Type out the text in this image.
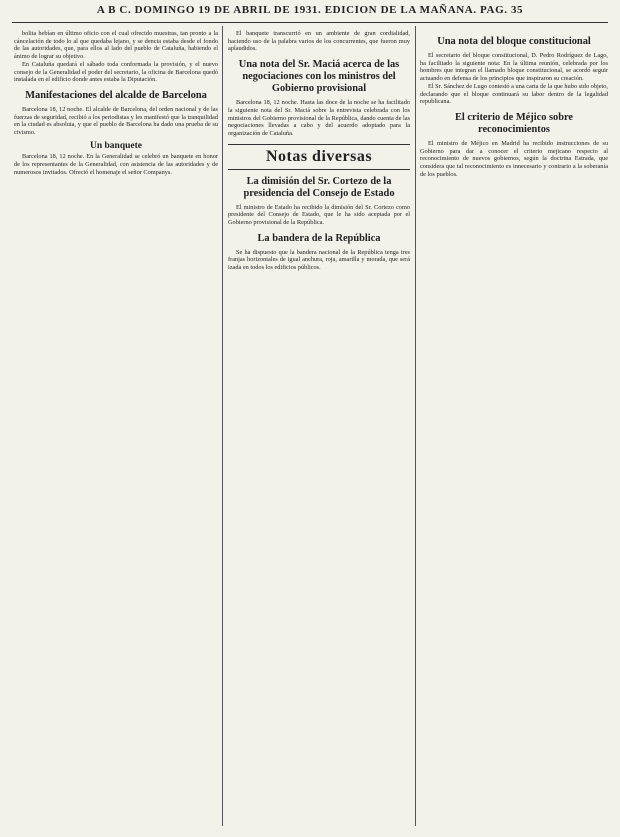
A B C. DOMINGO 19 DE ABRIL DE 1931. EDICION DE LA MAÑANA. PAG. 35

bolita hebían en último oficio con el cual ofrecido muestras, tan pronto a la cáncelación de todo lo al que quedaba lejano, y se dencia estaba desde el fondo de las autoridades, que, para ellos al lado del pueblo de Cataluña, habiendo el ánimo de lograr su objetivo.

En Cataluña quedará el sábado toda conformada la provisión, y el nuevo consejo de la Generalidad el poder del secretario, la oficina de Barcelona quedó instalada en el edificio donde antes estaba la Diputación.

Manifestaciones del alcalde de Barcelona

Barcelona 18, 12 noche. El alcalde de Barcelona, del orden nacional y de las fuerzas de seguridad, recibió a los periodistas y les manifestó que la tranquilidad en la ciudad es absoluta, y que el pueblo de Barcelona ha dado una prueba de su civismo.

Un banquete

Barcelona 18, 12 noche. En la Generalidad se celebró un banquete en honor de los representantes de la Generalidad, con asistencia de las autoridades y de numerosos invitados. Ofreció el homenaje el señor Companys.

El banquete transcurrió en un ambiente de gran cordialidad, haciendo uso de la palabra varios de los concurrentes, que fueron muy aplaudidos.

Una nota del Sr. Maciá acerca de las negociaciones con los ministros del Gobierno provisional

Barcelona 18, 12 noche. Hasta las doce de la noche se ha facilitado la siguiente nota del Sr. Maciá sobre la entrevista celebrada con los ministros del Gobierno provisional de la República, dando cuenta de las negociaciones llevadas a cabo y del acuerdo adoptado para la organización de Cataluña.

Notas diversas
La dimisión del Sr. Cortezo de la presidencia del Consejo de Estado

El ministro de Estado ha recibido la dimisión del Sr. Cortezo como presidente del Consejo de Estado, que le ha sido aceptada por el Gobierno provisional de la República.

La bandera de la República

Se ha dispuesto que la bandera nacional de la República tenga tres franjas horizontales de igual anchura, roja, amarilla y morada, que será izada en todos los edificios públicos.

Una nota del bloque constitucional

El secretario del bloque constitucional, D. Pedro Rodríguez de Lago, ha facilitado la siguiente nota: En la última reunión, celebrada por los hombres que integran el llamado bloque constitucional, se acordó seguir actuando en defensa de los principios que inspiraron su creación.

El Sr. Sánchez de Lugo contestó a una carta de la que hubo sido objeto, declarando que el bloque continuará su labor dentro de la legalidad republicana.

El criterio de Méjico sobre reconocimientos

El ministro de Méjico en Madrid ha recibido instrucciones de su Gobierno para dar a conocer el criterio mejicano respecto al reconocimiento de nuevos gobiernos, según la doctrina Estrada, que considera que tal reconocimiento es innecesario y contrario a la soberanía de los pueblos.
